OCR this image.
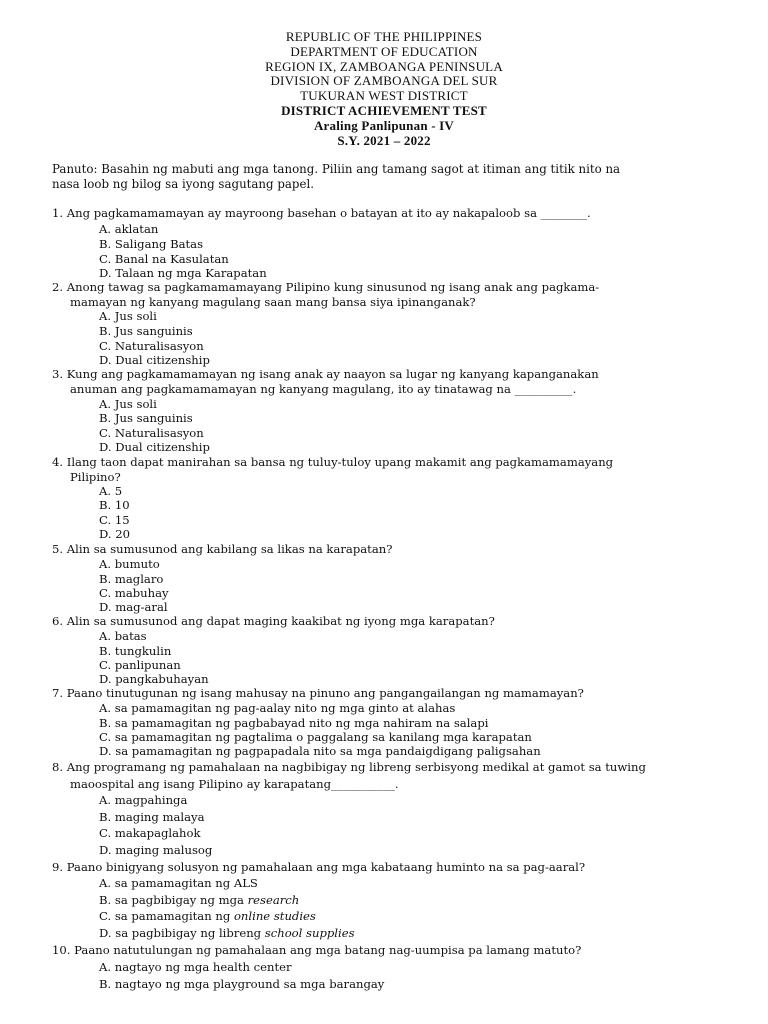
REPUBLIC OF THE PHILIPPINES
DEPARTMENT OF EDUCATION
REGION IX, ZAMBOANGA PENINSULA
DIVISION OF ZAMBOANGA DEL SUR
TUKURAN WEST DISTRICT
DISTRICT ACHIEVEMENT TEST
Araling Panlipunan - IV
S.Y. 2021 – 2022
Panuto: Basahin ng mabuti ang mga tanong. Piliin ang tamang sagot at itiman ang titik nito na
nasa loob ng bilog sa iyong sagutang papel.
1. Ang pagkamamamayan ay mayroong basehan o batayan at ito ay nakapaloob sa ________.
A. aklatan
B. Saligang Batas
C. Banal na Kasulatan
D. Talaan ng mga Karapatan
2. Anong tawag sa pagkamamamayang Pilipino kung sinusunod ng isang anak ang pagkama-
mamayan ng kanyang magulang saan mang bansa siya ipinanganak?
A. Jus soli
B. Jus sanguinis
C. Naturalisasyon
D. Dual citizenship
3. Kung ang pagkamamamayan ng isang anak ay naayon sa lugar ng kanyang kapanganakan
anuman ang pagkamamamayan ng kanyang magulang, ito ay tinatawag na __________.
A. Jus soli
B. Jus sanguinis
C. Naturalisasyon
D. Dual citizenship
4. Ilang taon dapat manirahan sa bansa ng tuluy-tuloy upang makamit ang pagkamamamayang
Pilipino?
A. 5
B. 10
C. 15
D. 20
5. Alin sa sumusunod ang kabilang sa likas na karapatan?
A. bumuto
B. maglaro
C. mabuhay
D. mag-aral
6. Alin sa sumusunod ang dapat maging kaakibat ng iyong mga karapatan?
A. batas
B. tungkulin
C. panlipunan
D. pangkabuhayan
7. Paano tinutugunan ng isang mahusay na pinuno ang pangangailangan ng mamamayan?
A. sa pamamagitan ng pag-aalay nito ng mga ginto at alahas
B. sa pamamagitan ng pagbabayad nito ng mga nahiram na salapi
C. sa pamamagitan ng pagtalima o paggalang sa kanilang mga karapatan
D. sa pamamagitan ng pagpapadala nito sa mga pandaigdigang paligsahan
8. Ang programang ng pamahalaan na nagbibigay ng libreng serbisyong medikal at gamot sa tuwing
maoospital ang isang Pilipino ay karapatang___________.
A. magpahinga
B. maging malaya
C. makapaglahok
D. maging malusog
9. Paano binigyang solusyon ng pamahalaan ang mga kabataang huminto na sa pag-aaral?
A. sa pamamagitan ng ALS
B. sa pagbibigay ng mga research
C. sa pamamagitan ng online studies
D. sa pagbibigay ng libreng school supplies
10. Paano natutulungan ng pamahalaan ang mga batang nag-uumpisa pa lamang matuto?
A. nagtayo ng mga health center
B. nagtayo ng mga playground sa mga barangay
